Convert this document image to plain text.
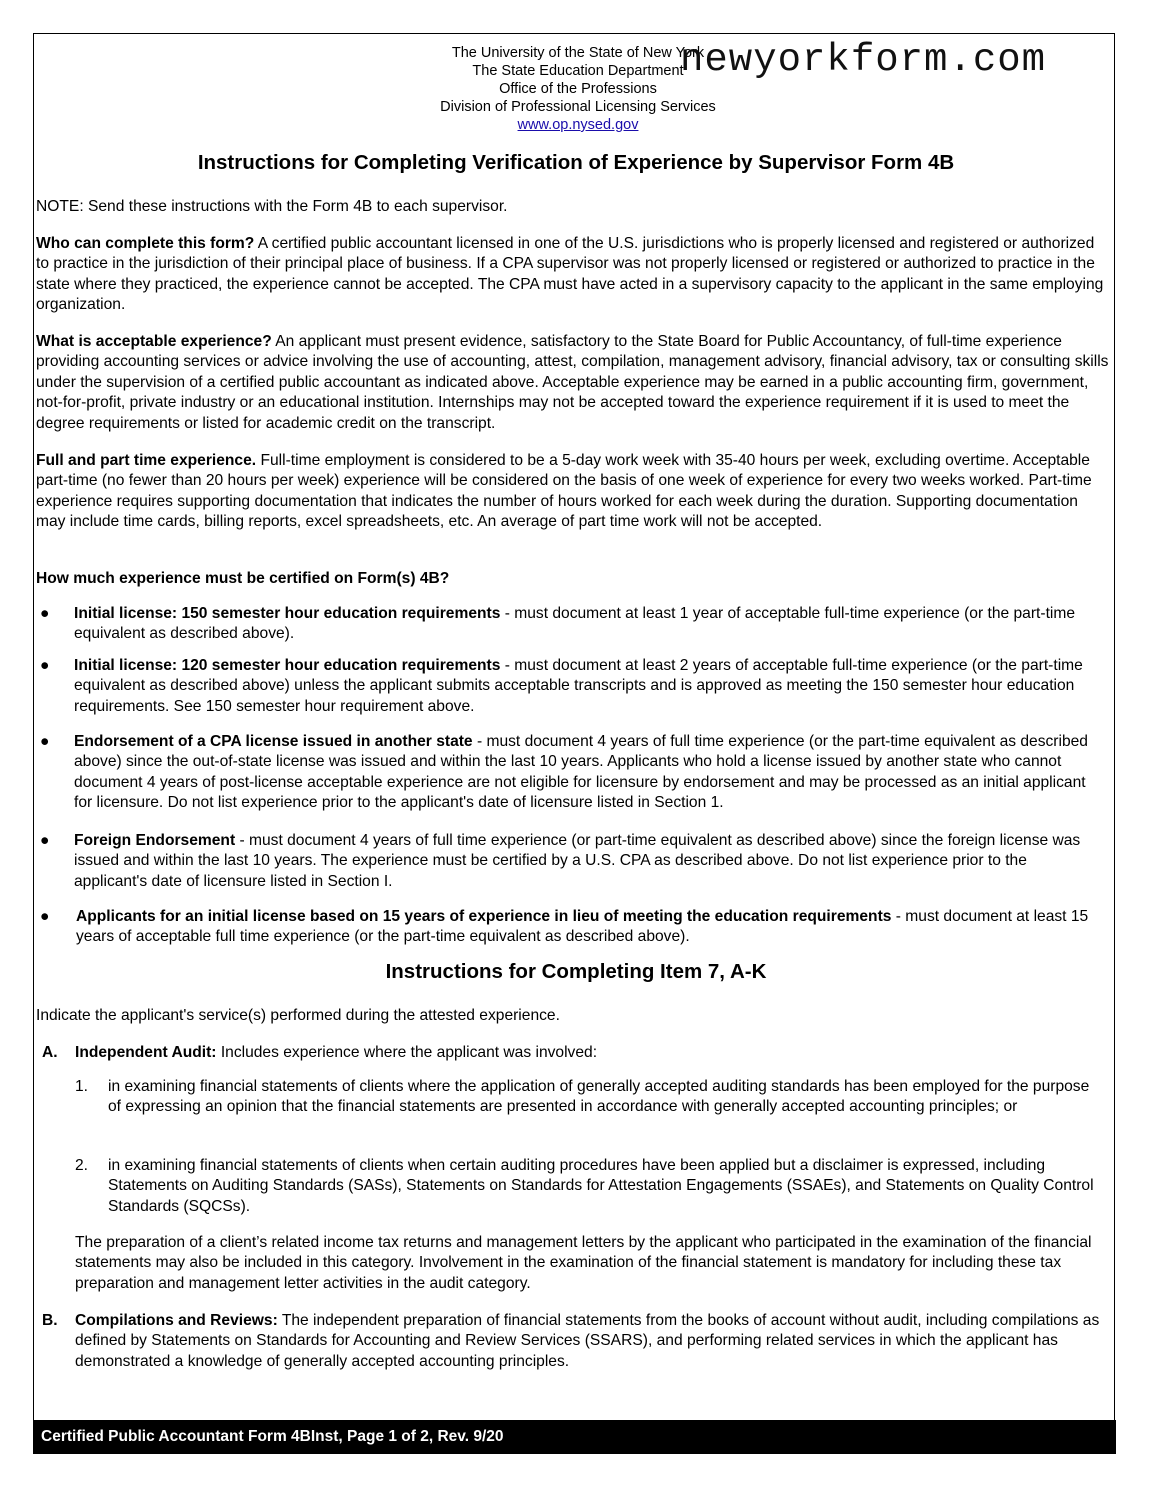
The University of the State of New York
The State Education Department
Office of the Professions
Division of Professional Licensing Services
www.op.nysed.gov
newyorkform.com
Instructions for Completing Verification of Experience by Supervisor Form 4B
NOTE: Send these instructions with the Form 4B to each supervisor.
Who can complete this form? A certified public accountant licensed in one of the U.S. jurisdictions who is properly licensed and registered or authorized to practice in the jurisdiction of their principal place of business. If a CPA supervisor was not properly licensed or registered or authorized to practice in the state where they practiced, the experience cannot be accepted. The CPA must have acted in a supervisory capacity to the applicant in the same employing organization.
What is acceptable experience? An applicant must present evidence, satisfactory to the State Board for Public Accountancy, of full-time experience providing accounting services or advice involving the use of accounting, attest, compilation, management advisory, financial advisory, tax or consulting skills under the supervision of a certified public accountant as indicated above. Acceptable experience may be earned in a public accounting firm, government, not-for-profit, private industry or an educational institution. Internships may not be accepted toward the experience requirement if it is used to meet the degree requirements or listed for academic credit on the transcript.
Full and part time experience. Full-time employment is considered to be a 5-day work week with 35-40 hours per week, excluding overtime. Acceptable part-time (no fewer than 20 hours per week) experience will be considered on the basis of one week of experience for every two weeks worked. Part-time experience requires supporting documentation that indicates the number of hours worked for each week during the duration. Supporting documentation may include time cards, billing reports, excel spreadsheets, etc. An average of part time work will not be accepted.
How much experience must be certified on Form(s) 4B?
● Initial license: 150 semester hour education requirements - must document at least 1 year of acceptable full-time experience (or the part-time equivalent as described above).
● Initial license: 120 semester hour education requirements - must document at least 2 years of acceptable full-time experience (or the part-time equivalent as described above) unless the applicant submits acceptable transcripts and is approved as meeting the 150 semester hour education requirements. See 150 semester hour requirement above.
● Endorsement of a CPA license issued in another state - must document 4 years of full time experience (or the part-time equivalent as described above) since the out-of-state license was issued and within the last 10 years. Applicants who hold a license issued by another state who cannot document 4 years of post-license acceptable experience are not eligible for licensure by endorsement and may be processed as an initial applicant for licensure. Do not list experience prior to the applicant's date of licensure listed in Section 1.
● Foreign Endorsement - must document 4 years of full time experience (or part-time equivalent as described above) since the foreign license was issued and within the last 10 years. The experience must be certified by a U.S. CPA as described above. Do not list experience prior to the applicant's date of licensure listed in Section I.
● Applicants for an initial license based on 15 years of experience in lieu of meeting the education requirements - must document at least 15 years of acceptable full time experience (or the part-time equivalent as described above).
Instructions for Completing Item 7, A-K
Indicate the applicant's service(s) performed during the attested experience.
A. Independent Audit: Includes experience where the applicant was involved:
1. in examining financial statements of clients where the application of generally accepted auditing standards has been employed for the purpose of expressing an opinion that the financial statements are presented in accordance with generally accepted accounting principles; or
2. in examining financial statements of clients when certain auditing procedures have been applied but a disclaimer is expressed, including Statements on Auditing Standards (SASs), Statements on Standards for Attestation Engagements (SSAEs), and Statements on Quality Control Standards (SQCSs).
The preparation of a client’s related income tax returns and management letters by the applicant who participated in the examination of the financial statements may also be included in this category. Involvement in the examination of the financial statement is mandatory for including these tax preparation and management letter activities in the audit category.
B. Compilations and Reviews: The independent preparation of financial statements from the books of account without audit, including compilations as defined by Statements on Standards for Accounting and Review Services (SSARS), and performing related services in which the applicant has demonstrated a knowledge of generally accepted accounting principles.
Certified Public Accountant Form 4BInst, Page 1 of 2, Rev. 9/20
